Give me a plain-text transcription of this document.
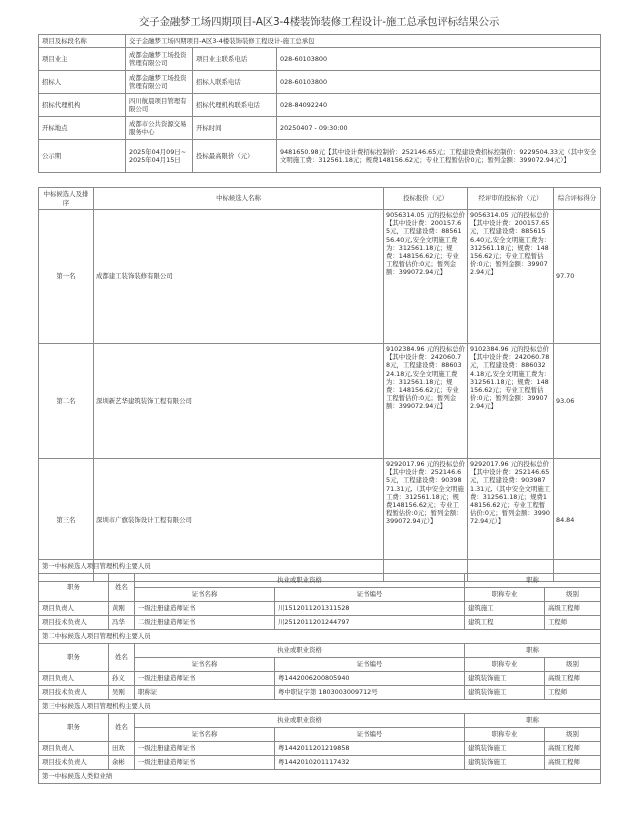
交子金融梦工场四期项目-A区3-4楼装饰装修工程设计-施工总承包评标结果公示
项目及标段名称	交子金融梦工场四期项目-A区3-4楼装饰装修工程设计-施工总承包		
项目业主	成都金融梦工场投资管理有限公司	项目业主联系电话	028-60103800
招标人	成都金融梦工场投资管理有限公司	招标人联系电话	028-60103800
招标代理机构	四川航晨项目管理有限公司	招标代理机构联系电话	028-84092240
开标地点	成都市公共资源交易服务中心	开标时间	20250407 - 09:30:00
公示期	2025年04月09日~2025年04月15日	投标最高限价（元）	9481650.98元【其中设计费招标控制价：252146.65元；工程建设费招标控制价：9229504.33元（其中安全文明施工费：312561.18元；规费148156.62元；专业工程暂估价0元；暂列金额：399072.94元）】
中标候选人及排序	中标候选人名称	投标报价（元）	经评审的投标价（元）	综合评标得分
第一名	成都建工装饰装修有限公司	9056314.05 元的投标总价【其中设计费：200157.65元，工程建设费：8856156.40元,安全文明施工费为：312561.18元；规费：148156.62元；专业工程暂估价:0元；暂列金额：399072.94元】	9056314.05 元的投标总价【其中设计费：200157.65元，工程建设费：8856156.40元,安全文明施工费为：312561.18元；规费：148156.62元；专业工程暂估价:0元；暂列金额：399072.94元】	97.70
第二名	深圳新艺华建筑装饰工程有限公司	9102384.96 元的投标总价【其中设计费：242060.78元，工程建设费：8860324.18元,安全文明施工费为：312561.18元；规费：148156.62元；专业工程暂估价:0元；暂列金额：399072.94元】	9102384.96 元的投标总价【其中设计费：242060.78元，工程建设费：8860324.18元,安全文明施工费为：312561.18元；规费：148156.62元；专业工程暂估价:0元；暂列金额：399072.94元】	93.06
第三名	深圳市广旗装饰设计工程有限公司	9292017.96 元的投标总价【其中设计费：252146.65元，工程建设费：9039871.31元,（其中安全文明施工费：312561.18元；规费148156.62元；专业工程暂估价:0元；暂列金额：399072.94元）】	9292017.96 元的投标总价【其中设计费：252146.65元，工程建设费：9039871.31元,（其中安全文明施工费：312561.18元；规费148156.62元；专业工程暂估价:0元；暂列金额：399072.94元）】	84.84
第一中标候选人项目管理机构主要人员					
职务	姓名	执业或职业资格		职称	
		证书名称	证书编号	职称专业	级别
项目负责人	黄刚	一级注册建造师证书	川1512011201311528	建筑施工	高级工程师
项目技术负责人	冯华	二级注册建造师证书	川2512011201244797	建筑工程	工程师
第二中标候选人项目管理机构主要人员					
职务	姓名	执业或职业资格		职称	
		证书名称	证书编号	职称专业	级别
项目负责人	孙义	一级注册建造师证书	粤1442006200805940	建筑装饰施工	高级工程师
项目技术负责人	吴刚	职称证	粤中职证字第 1803003009712号	建筑装饰施工	工程师
第三中标候选人项目管理机构主要人员					
职务	姓名	执业或职业资格		职称	
		证书名称	证书编号	职称专业	级别
项目负责人	田欢	一级注册建造师证书	粤1442011201219858	建筑装饰施工	高级工程师
项目技术负责人	余彬	一级注册建造师证书	粤1442010201117432	建筑装饰施工	高级工程师
第一中标候选人类似业绩					
